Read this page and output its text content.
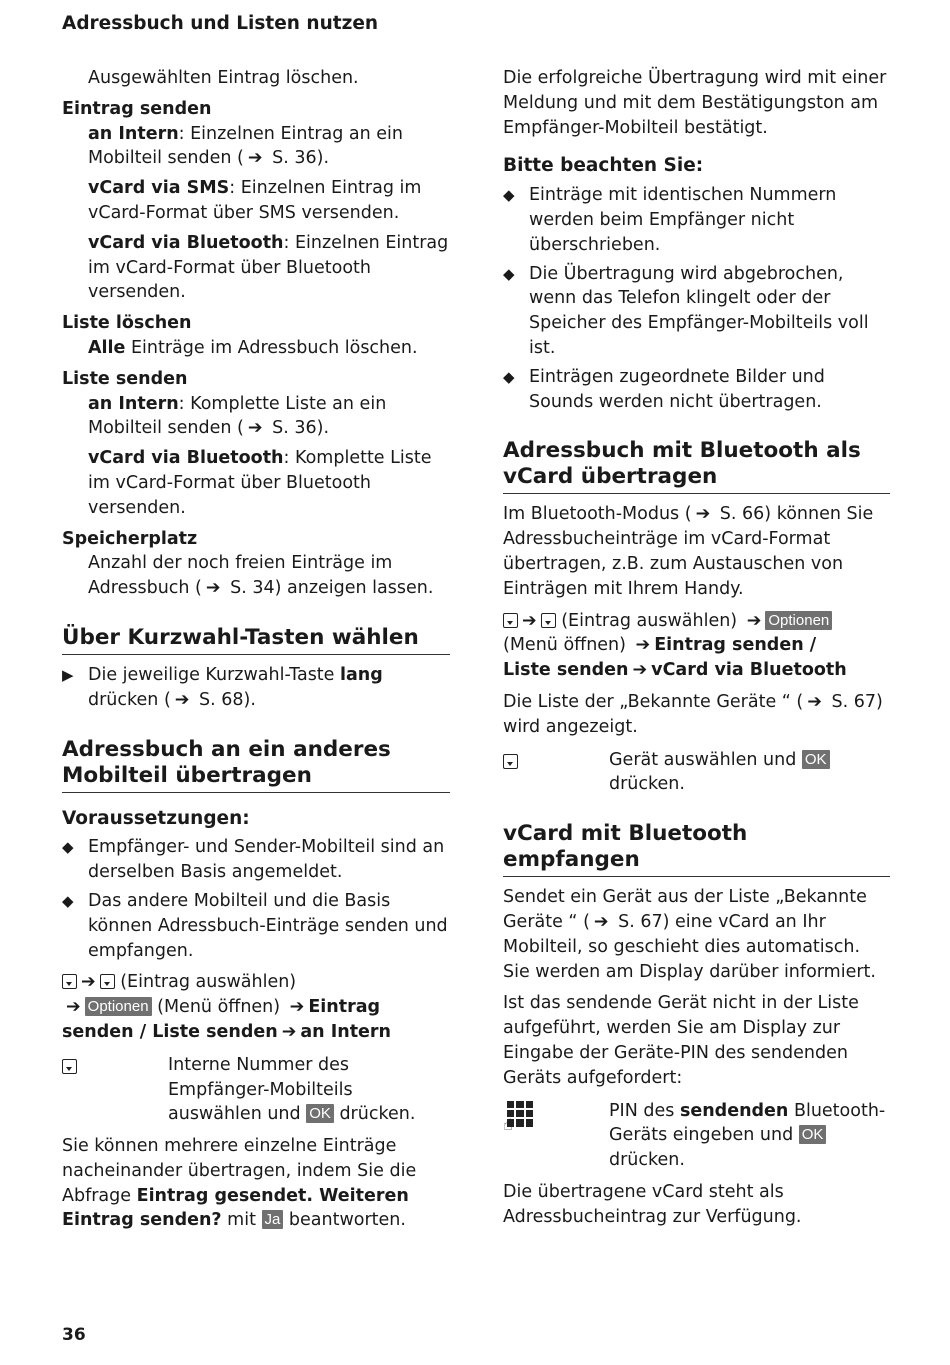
Adressbuch und Listen nutzen

Ausgewählten Eintrag löschen.

Eintrag senden

an Intern: Einzelnen Eintrag an ein Mobilteil senden ( ➔ S. 36).

vCard via SMS: Einzelnen Eintrag im vCard-Format über SMS versenden.

vCard via Bluetooth: Einzelnen Eintrag im vCard-Format über Bluetooth versenden.

Liste löschen

Alle Einträge im Adressbuch löschen.

Liste senden

an Intern: Komplette Liste an ein Mobilteil senden ( ➔ S. 36).

vCard via Bluetooth: Komplette Liste im vCard-Format über Bluetooth versenden.

Speicherplatz

Anzahl der noch freien Einträge im Adressbuch ( ➔ S. 34) anzeigen lassen.

Über Kurzwahl-Tasten wählen
▶ Die jeweilige Kurzwahl-Taste lang drücken ( ➔ S. 68).
Adressbuch an ein anderes Mobilteil übertragen
Voraussetzungen:
◆ Empfänger- und Sender-Mobilteil sind an derselben Basis angemeldet.
◆ Das andere Mobilteil und die Basis können Adressbuch-Einträge senden und empfangen.

➔ (Eintrag auswählen)
➔ Optionen (Menü öffnen) ➔ Eintrag senden / Liste senden ➔ an Intern

Interne Nummer des Empfänger-Mobilteils auswählen und OK drücken.

Sie können mehrere einzelne Einträge nacheinander übertragen, indem Sie die Abfrage Eintrag gesendet. Weiteren Eintrag senden? mit Ja beantworten.

Die erfolgreiche Übertragung wird mit einer Meldung und mit dem Bestätigungston am Empfänger-Mobilteil bestätigt.

Bitte beachten Sie:
◆ Einträge mit identischen Nummern werden beim Empfänger nicht überschrieben.
◆ Die Übertragung wird abgebrochen, wenn das Telefon klingelt oder der Speicher des Empfänger-Mobilteils voll ist.
◆ Einträgen zugeordnete Bilder und Sounds werden nicht übertragen.
Adressbuch mit Bluetooth als vCard übertragen

Im Bluetooth-Modus ( ➔ S. 66) können Sie Adressbucheinträge im vCard-Format übertragen, z.B. zum Austauschen von Einträgen mit Ihrem Handy.

➔ (Eintrag auswählen) ➔ Optionen
(Menü öffnen) ➔ Eintrag senden /
Liste senden ➔ vCard via Bluetooth

Die Liste der „Bekannte Geräte “ ( ➔ S. 67) wird angezeigt.

Gerät auswählen und OK drücken.
vCard mit Bluetooth empfangen

Sendet ein Gerät aus der Liste „Bekannte Geräte “ ( ➔ S. 67) eine vCard an Ihr Mobilteil, so geschieht dies automatisch. Sie werden am Display darüber informiert.

Ist das sendende Gerät nicht in der Liste aufgeführt, werden Sie am Display zur Eingabe der Geräte-PIN des sendenden Geräts aufgefordert:

☝
PIN des sendenden Bluetooth-Geräts eingeben und OK drücken.

Die übertragene vCard steht als Adressbucheintrag zur Verfügung.

36
